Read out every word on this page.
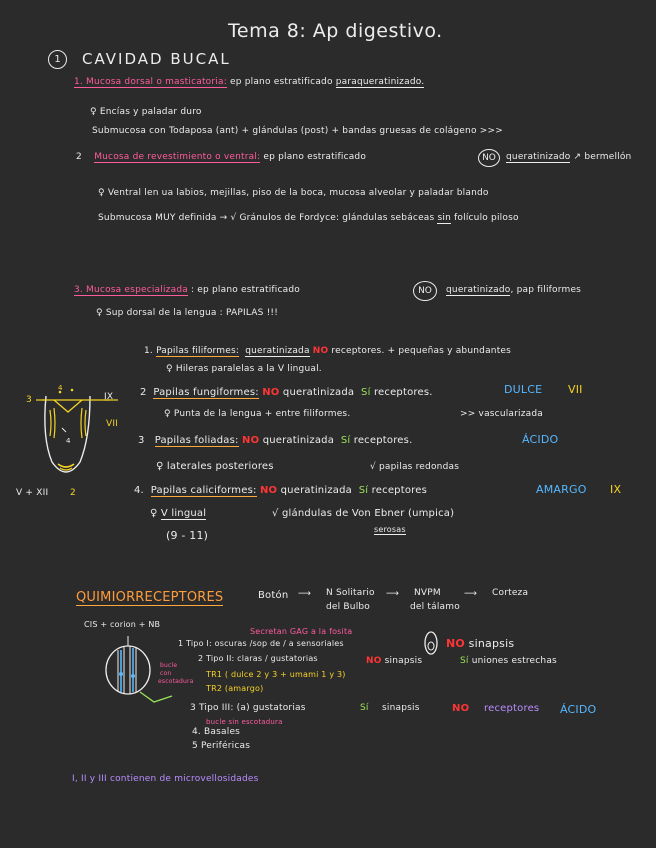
Tema 8: Ap digestivo.
1	CAVIDAD BUCAL
1. Mucosa dorsal o masticatoria: ep plano estratificado paraqueratinizado.
♀ Encías y paladar duro
Submucosa con Todaposa (ant) + glándulas (post) + bandas gruesas de colágeno >>>
2 Mucosa de revestimiento o ventral: ep plano estratificado	NO	queratinizado ↗ bermellón
♀ Ventral len ua labios, mejillas, piso de la boca, mucosa alveolar y paladar blando
Submucosa MUY definida → √ Gránulos de Fordyce: glándulas sebáceas sin folículo piloso
3. Mucosa especializada : ep plano estratificado	NO	queratinizado, pap filiformes
♀ Sup dorsal de la lengua : PAPILAS !!!
1. Papilas filiformes: queratinizada NO receptores. + pequeñas y abundantes
♀ Hileras paralelas a la V lingual.
2 Papilas fungiformes: NO queratinizada Sí receptores.	DULCE VII
♀ Punta de la lengua + entre filiformes.	>> vascularizada
3 Papilas foliadas: NO queratinizada Sí receptores.	ÁCIDO
♀ laterales posteriores	√ papilas redondas
4. Papilas caliciformes: NO queratinizada Sí receptores	AMARGO IX
♀ V lingual	√ glándulas de Von Ebner (umpica)
serosas
(9 - 11)
3	IX
VII
4
4
V + XII 2
QUIMIORRECEPTORES	Botón ⟶ N Solitario
del Bulbo
⟶ NVPM
del tálamo
⟶ Corteza
CIS + corion + NB
Secretan GAG a la fosita
1 Tipo I: oscuras /sop de / a sensoriales
2 Tipo II: claras / gustatorias
NO sinapsis
NO sinapsis	Sí uniones estrechas
TR1 ( dulce 2 y 3 + umami 1 y 3)
TR2 (amargo)
bucle
con
escotadura
3 Tipo III: (a) gustatorias	Sí sinapsis	NO receptores ÁCIDO
bucle sin escotadura
4. Basales
5 Periféricas
I, II y III contienen de microvellosidades
